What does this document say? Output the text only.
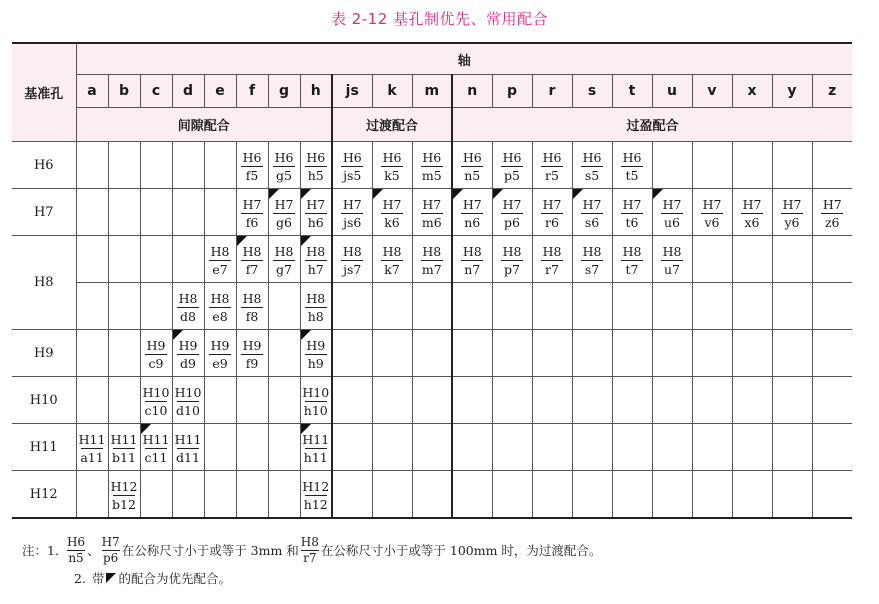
表 2-12 基孔制优先、常用配合
基准孔	轴																				
	a	b	c	d	e	f	g	h	js	k	m	n	p	r	s	t	u	v	x	y	z
	间隙配合								过渡配合			过盈配合									
H6						$\frac{H6}{f5}$	$\frac{H6}{g5}$	$\frac{H6}{h5}$	$\frac{H6}{js5}$	$\frac{H6}{k5}$	$\frac{H6}{m5}$	$\frac{H6}{n5}$	$\frac{H6}{p5}$	$\frac{H6}{r5}$	$\frac{H6}{s5}$	$\frac{H6}{t5}$

H7						$\frac{H7}{f6}$	$\frac{H7}{g6}$	$\frac{H7}{h6}$	$\frac{H7}{js6}$	$\frac{H7}{k6}$	$\frac{H7}{m6}$	$\frac{H7}{n6}$	$\frac{H7}{p6}$	$\frac{H7}{r6}$	$\frac{H7}{s6}$	$\frac{H7}{t6}$	$\frac{H7}{u6}$	$\frac{H7}{v6}$	$\frac{H7}{x6}$	$\frac{H7}{y6}$	$\frac{H7}{z6}$

H8					$\frac{H8}{e7}$	$\frac{H8}{f7}$	$\frac{H8}{g7}$	$\frac{H8}{h7}$	$\frac{H8}{js7}$	$\frac{H8}{k7}$	$\frac{H8}{m7}$	$\frac{H8}{n7}$	$\frac{H8}{p7}$	$\frac{H8}{r7}$	$\frac{H8}{s7}$	$\frac{H8}{t7}$	$\frac{H8}{u7}$

				$\frac{H8}{d8}$	$\frac{H8}{e8}$	$\frac{H8}{f8}$		$\frac{H8}{h8}$

H9			$\frac{H9}{c9}$	$\frac{H9}{d9}$	$\frac{H9}{e9}$	$\frac{H9}{f9}$		$\frac{H9}{h9}$

H10			$\frac{H10}{c10}$	$\frac{H10}{d10}$				$\frac{H10}{h10}$

H11	$\frac{H11}{a11}$	$\frac{H11}{b11}$	$\frac{H11}{c11}$	$\frac{H11}{d11}$				$\frac{H11}{h11}$

H12		$\frac{H12}{b12}$						$\frac{H12}{h12}$

注： 1.
H6
n5 、
H7
p6 在公称尺寸小于或等于 3mm 和
H8
r7 在公称尺寸小于或等于 100mm 时，为过渡配合。
2. 带 的配合为优先配合。
